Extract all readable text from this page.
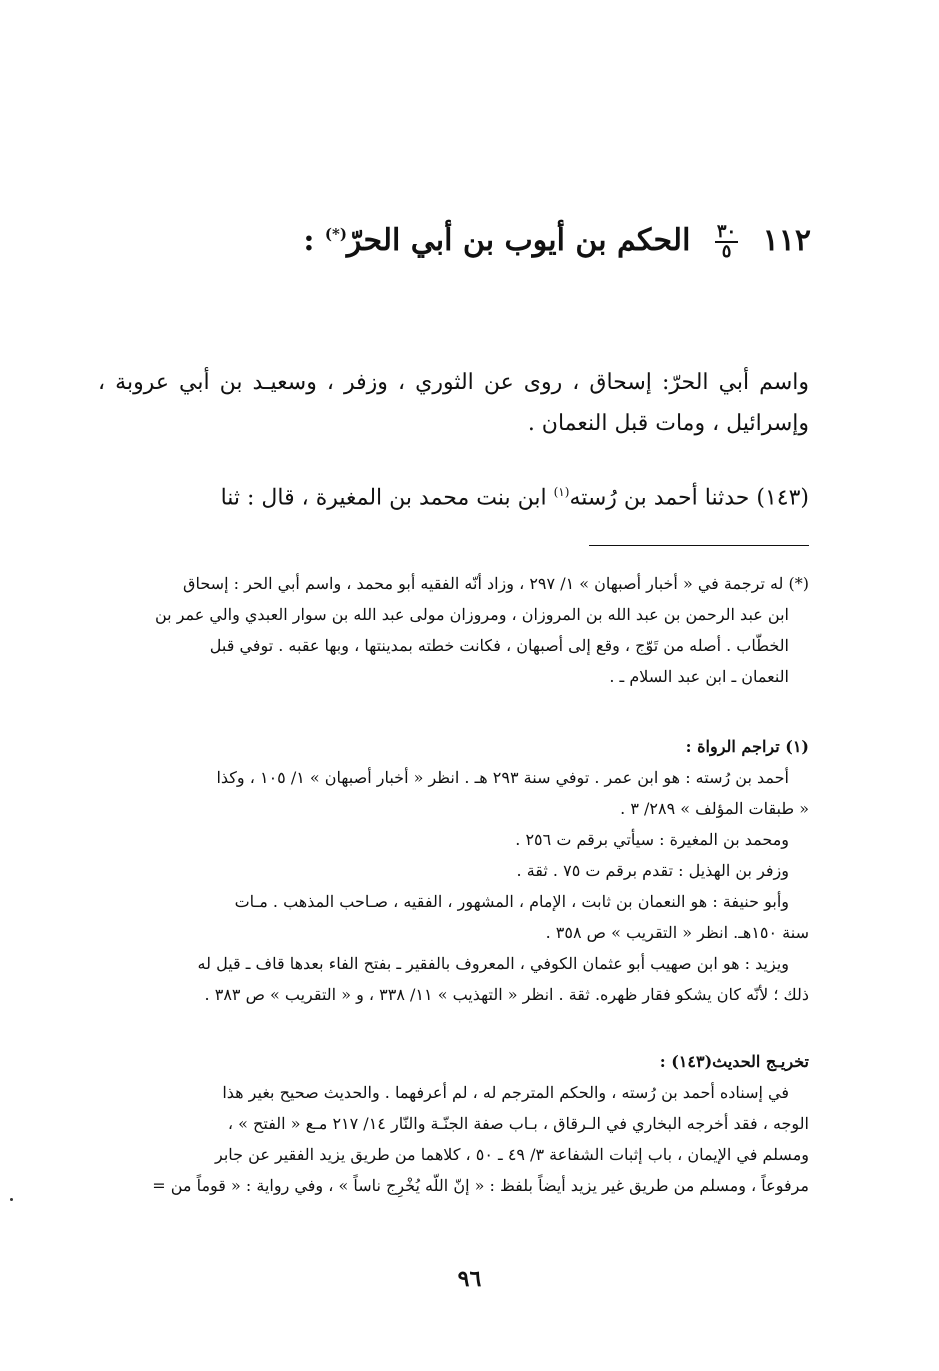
١١٢
$\frac{٣٠}{٥}$
الحكم بن أيوب بن أبي الحرّ(*) :
واسم أبي الحرّ: إسحاق ، روى عن الثوري ، وزفر ، وسعيـد بن أبي عروبة ، وإسرائيل ، ومات قبل النعمان .
(١٤٣) حدثنا أحمد بن رُسته$^{(١)}$ ابن بنت محمد بن المغيرة ، قال : ثنا
(*) له ترجمة في « أخبار أصبهان » ١/ ٢٩٧ ، وزاد أنّه الفقيه أبو محمد ، واسم أبي الحر : إسحاق
ابن عبد الرحمن بن عبد الله بن المروزان ، ومروزان مولى عبد الله بن سوار العبدي والي عمر بن
الخطّاب . أصله من تَوّج ، وقع إلى أصبهان ، فكانت خطته بمدينتها ، وبها عقبه . توفي قبل
النعمان ـ ابن عبد السلام ـ .
(١) تراجم الرواة :
أحمد بن رُسته : هو ابن عمر . توفي سنة ٢٩٣ هـ . انظر « أخبار أصبهان » ١/ ١٠٥ ، وكذا
« طبقات المؤلف » ٢٨٩/ ٣ .
ومحمد بن المغيرة : سيأتي برقم ت ٢٥٦ .
وزفر بن الهذيل : تقدم برقم ت ٧٥ . ثقة .
وأبو حنيفة : هو النعمان بن ثابت ، الإمام ، المشهور ، الفقيه ، صـاحب المذهب . مـات
سنة ١٥٠هـ. انظر « التقريب » ص ٣٥٨ .
ويزيد : هو ابن صهيب أبو عثمان الكوفي ، المعروف بالفقير ـ بفتح الفاء بعدها قاف ـ قيل له
ذلك ؛ لأنّه كان يشكو فقار ظهره. ثقة . انظر « التهذيب » ١١/ ٣٣٨ ، و « التقريب » ص ٣٨٣ .
تخريـج الحديث(١٤٣) :
في إسناده أحمد بن رُسته ، والحكم المترجم له ، لم أعرفهما . والحديث صحيح بغير هذا
الوجه ، فقد أخرجه البخاري في الـرقاق ، بـاب صفة الجنّـة والنّار ١٤/ ٢١٧ مـع « الفتح » ،
ومسلم في الإيمان ، باب إثبات الشفاعة ٣/ ٤٩ ـ ٥٠ ، كلاهما من طريق يزيد الفقير عن جابر
مرفوعاً ، ومسلم من طريق غير يزيد أيضاً بلفظ : « إنّ اللّه يُخْرِج ناساً » ، وفي رواية : « قوماً من =
٩٦
